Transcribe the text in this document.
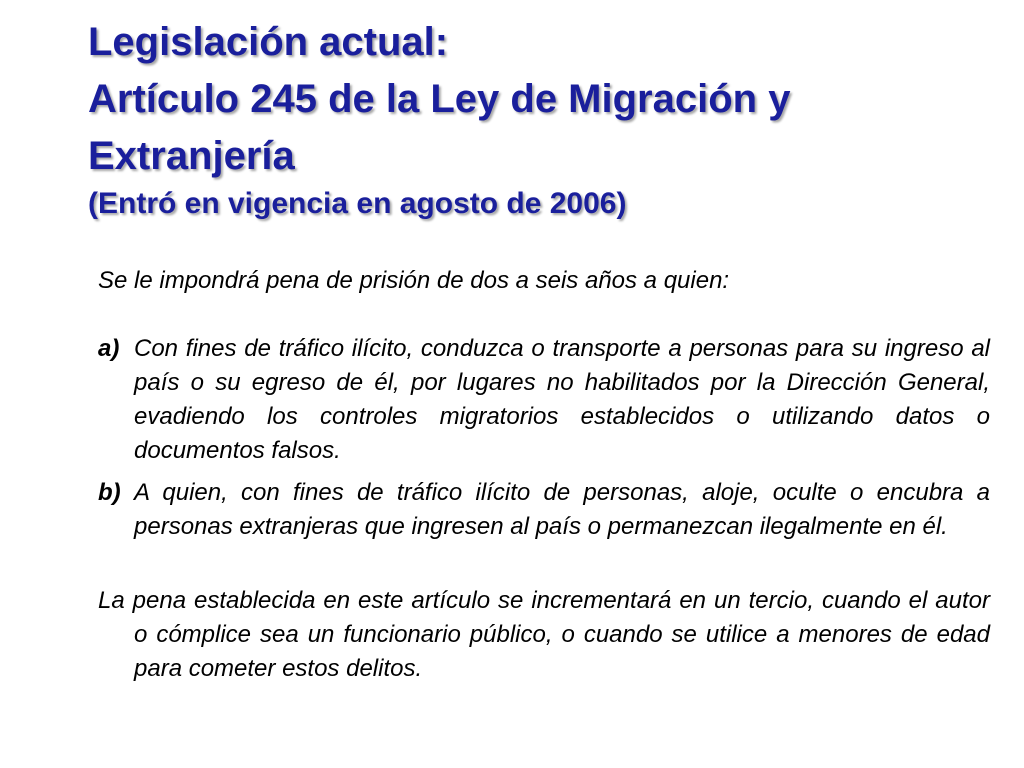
Legislación actual:
Artículo 245 de la Ley de Migración y
Extranjería
(Entró en vigencia en agosto de 2006)

Se le impondrá pena de prisión de dos a seis años a quien:

a) Con fines de tráfico ilícito, conduzca o transporte a personas para su ingreso al país o su egreso de él, por lugares no habilitados por la Dirección General, evadiendo los controles migratorios establecidos o utilizando datos o documentos falsos.
b) A quien, con fines de tráfico ilícito de personas, aloje, oculte o encubra a personas extranjeras que ingresen al país o permanezcan ilegalmente en él.

La pena establecida en este artículo se incrementará en un tercio, cuando el autor o cómplice sea un funcionario público, o cuando se utilice a menores de edad para cometer estos delitos.
